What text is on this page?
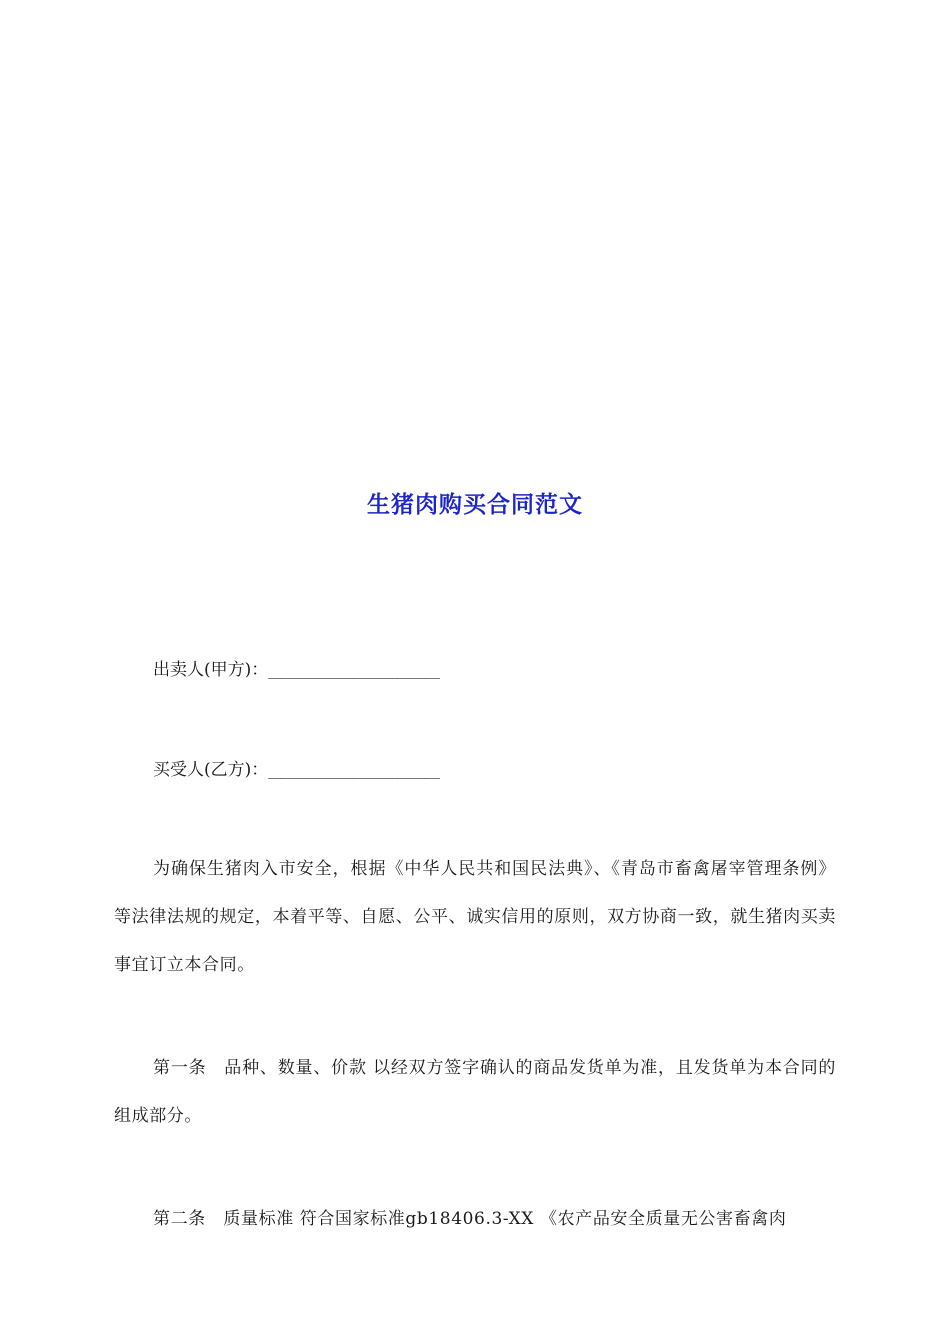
生猪肉购买合同范文
出卖人(甲方)：___________________
买受人(乙方)：___________________
为确保生猪肉入市安全，根据《中华人民共和国民法典》、《青岛市畜禽屠宰管理条例》等法律法规的规定，本着平等、自愿、公平、诚实信用的原则，双方协商一致，就生猪肉买卖事宜订立本合同。
第一条　品种、数量、价款 以经双方签字确认的商品发货单为准，且发货单为本合同的组成部分。
第二条　质量标准 符合国家标准gb18406.3-XX 《农产品安全质量无公害畜禽肉
